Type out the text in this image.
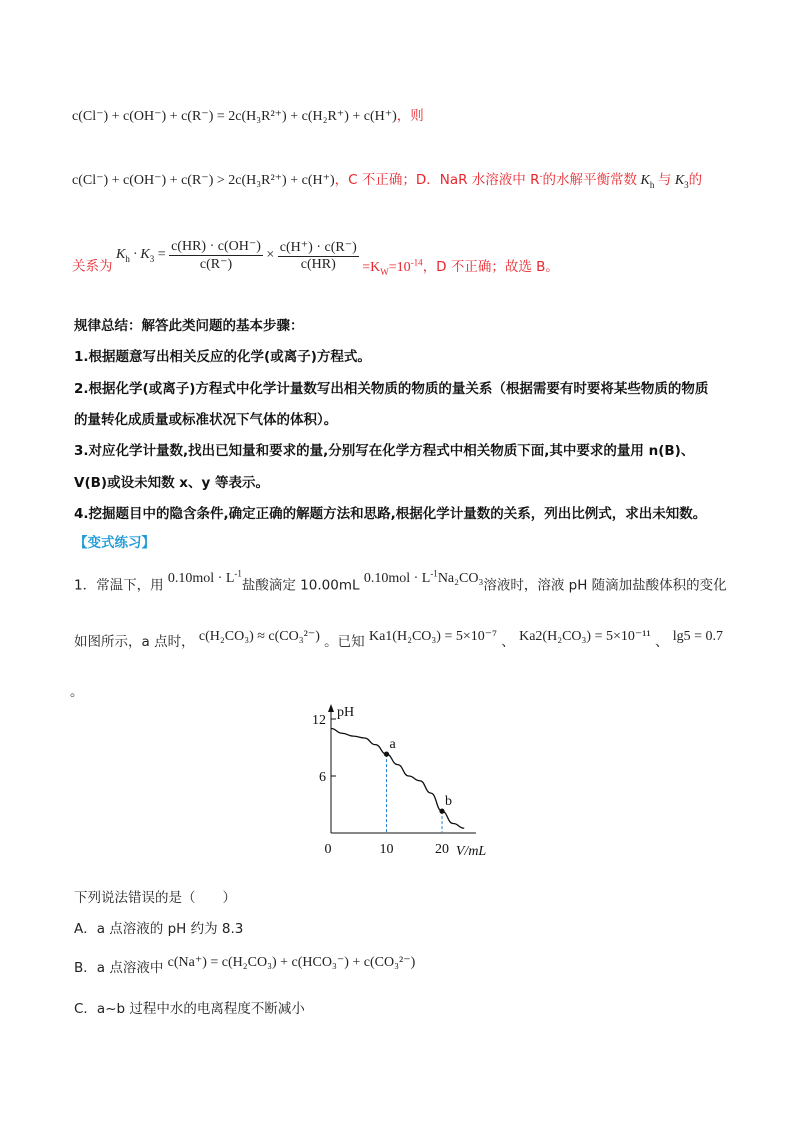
c(Cl⁻) + c(OH⁻) + c(R⁻) = 2c(H₃R²⁺) + c(H₂R⁺) + c(H⁺)，则
c(Cl⁻) + c(OH⁻) + c(R⁻) > 2c(H₃R²⁺) + c(H⁺)，C 不正确；D．NaR 水溶液中 R-的水解平衡常数 $K_h$ 与 $K_3$的
关系为 $K_h \cdot K_3 = \frac{c(HR) \cdot c(OH^-)}{c(R^-)} \times \frac{c(H^+) \cdot c(R^-)}{c(HR)} =K_W=10^{-14}$，D 不正确；故选 B。
规律总结：解答此类问题的基本步骤：
1.根据题意写出相关反应的化学(或离子)方程式。
2.根据化学(或离子)方程式中化学计量数写出相关物质的物质的量关系（根据需要有时要将某些物质的物质
的量转化成质量或标准状况下气体的体积）。
3.对应化学计量数,找出已知量和要求的量,分别写在化学方程式中相关物质下面,其中要求的量用 n(B)、
V(B)或设未知数 x、y 等表示。
4.挖掘题目中的隐含条件,确定正确的解题方法和思路,根据化学计量数的关系，列出比例式，求出未知数。
【变式练习】
1．常温下，用 $0.10mol \cdot L^{-1}$盐酸滴定 10.00mL $0.10mol \cdot L^{-1}Na_2CO_3$溶液时，溶液 pH 随滴加盐酸体积的变化
如图所示，a 点时， c(H₂CO₃) ≈ c(CO₃²⁻) 。已知 Ka1(H₂CO₃) = 5×10⁻⁷ 、 Ka2(H₂CO₃) = 5×10⁻¹¹ 、 lg5 = 0.7
。
12
6
0	10	20
pH
V/mL
a
b
下列说法错误的是（　　）
A．a 点溶液的 pH 约为 8.3
B．a 点溶液中 c(Na⁺) = c(H₂CO₃) + c(HCO₃⁻) + c(CO₃²⁻)
C．a~b 过程中水的电离程度不断减小
